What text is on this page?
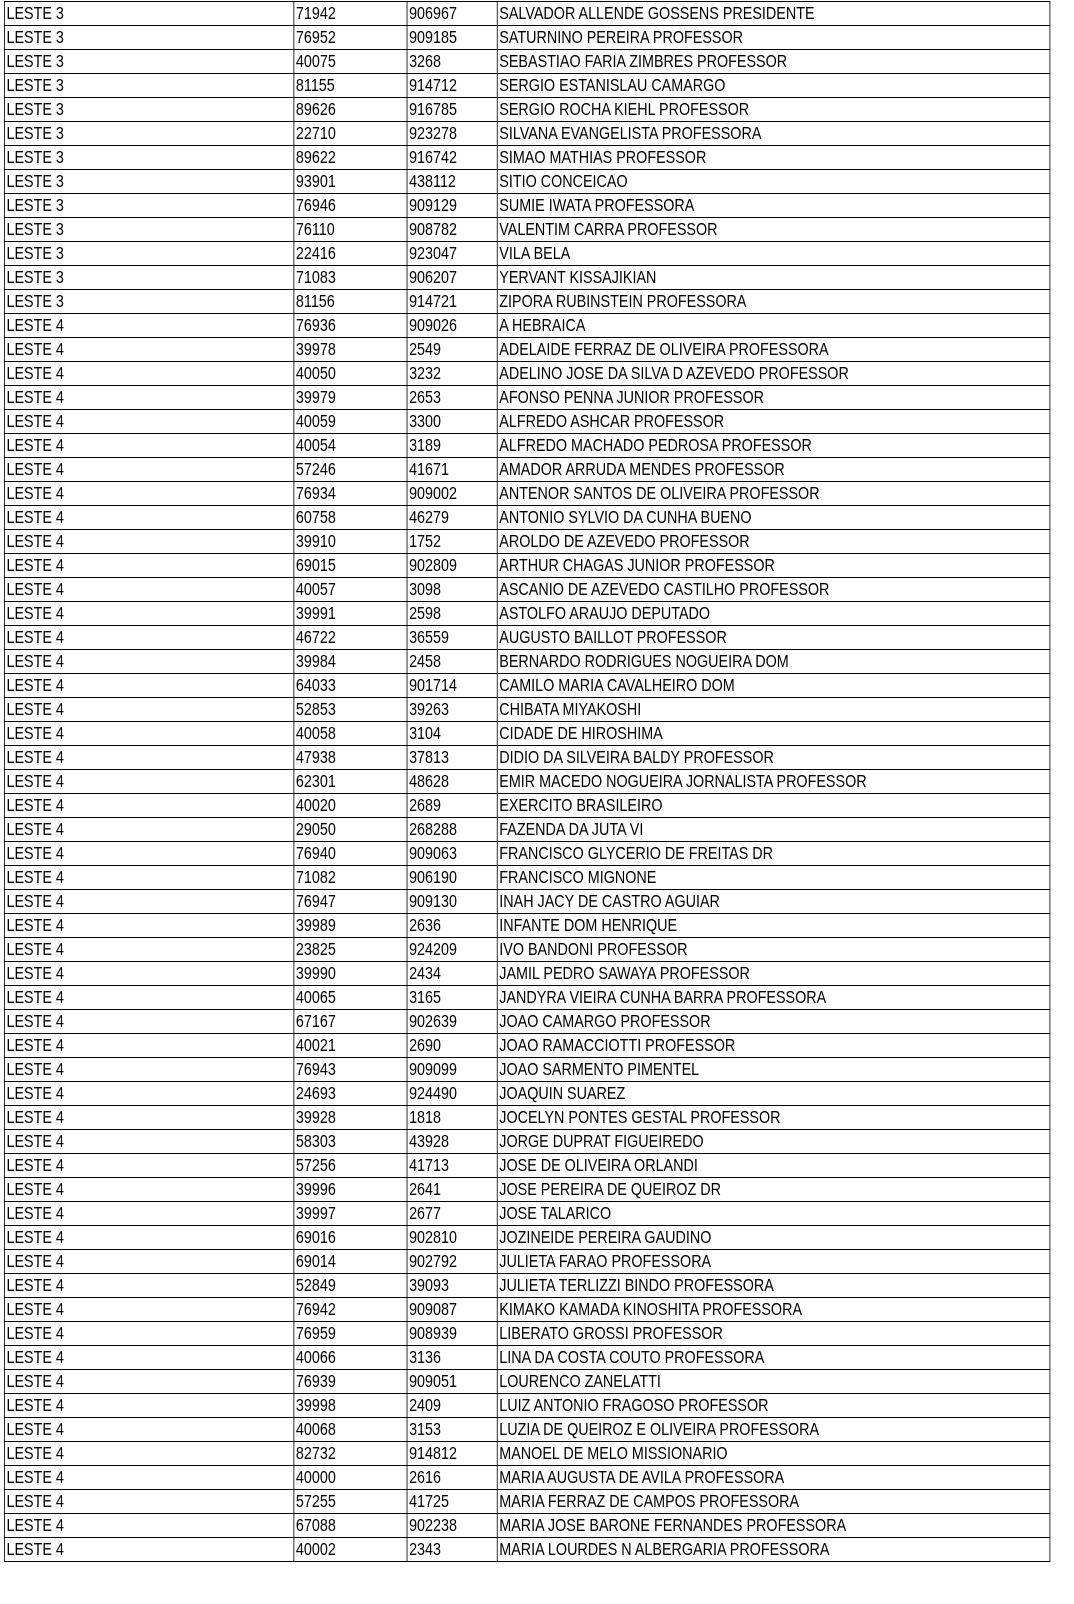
LESTE 3	71942	906967	SALVADOR ALLENDE GOSSENS PRESIDENTE
LESTE 3	76952	909185	SATURNINO PEREIRA PROFESSOR
LESTE 3	40075	3268	SEBASTIAO FARIA ZIMBRES PROFESSOR
LESTE 3	81155	914712	SERGIO ESTANISLAU CAMARGO
LESTE 3	89626	916785	SERGIO ROCHA KIEHL PROFESSOR
LESTE 3	22710	923278	SILVANA EVANGELISTA PROFESSORA
LESTE 3	89622	916742	SIMAO MATHIAS PROFESSOR
LESTE 3	93901	438112	SITIO CONCEICAO
LESTE 3	76946	909129	SUMIE IWATA PROFESSORA
LESTE 3	76110	908782	VALENTIM CARRA PROFESSOR
LESTE 3	22416	923047	VILA BELA
LESTE 3	71083	906207	YERVANT KISSAJIKIAN
LESTE 3	81156	914721	ZIPORA RUBINSTEIN PROFESSORA
LESTE 4	76936	909026	A HEBRAICA
LESTE 4	39978	2549	ADELAIDE FERRAZ DE OLIVEIRA PROFESSORA
LESTE 4	40050	3232	ADELINO JOSE DA SILVA D AZEVEDO PROFESSOR
LESTE 4	39979	2653	AFONSO PENNA JUNIOR PROFESSOR
LESTE 4	40059	3300	ALFREDO ASHCAR PROFESSOR
LESTE 4	40054	3189	ALFREDO MACHADO PEDROSA PROFESSOR
LESTE 4	57246	41671	AMADOR ARRUDA MENDES PROFESSOR
LESTE 4	76934	909002	ANTENOR SANTOS DE OLIVEIRA PROFESSOR
LESTE 4	60758	46279	ANTONIO SYLVIO DA CUNHA BUENO
LESTE 4	39910	1752	AROLDO DE AZEVEDO PROFESSOR
LESTE 4	69015	902809	ARTHUR CHAGAS JUNIOR PROFESSOR
LESTE 4	40057	3098	ASCANIO DE AZEVEDO CASTILHO PROFESSOR
LESTE 4	39991	2598	ASTOLFO ARAUJO DEPUTADO
LESTE 4	46722	36559	AUGUSTO BAILLOT PROFESSOR
LESTE 4	39984	2458	BERNARDO RODRIGUES NOGUEIRA DOM
LESTE 4	64033	901714	CAMILO MARIA CAVALHEIRO DOM
LESTE 4	52853	39263	CHIBATA MIYAKOSHI
LESTE 4	40058	3104	CIDADE DE HIROSHIMA
LESTE 4	47938	37813	DIDIO DA SILVEIRA BALDY PROFESSOR
LESTE 4	62301	48628	EMIR MACEDO NOGUEIRA JORNALISTA PROFESSOR
LESTE 4	40020	2689	EXERCITO BRASILEIRO
LESTE 4	29050	268288	FAZENDA DA JUTA VI
LESTE 4	76940	909063	FRANCISCO GLYCERIO DE FREITAS DR
LESTE 4	71082	906190	FRANCISCO MIGNONE
LESTE 4	76947	909130	INAH JACY DE CASTRO AGUIAR
LESTE 4	39989	2636	INFANTE DOM HENRIQUE
LESTE 4	23825	924209	IVO BANDONI PROFESSOR
LESTE 4	39990	2434	JAMIL PEDRO SAWAYA PROFESSOR
LESTE 4	40065	3165	JANDYRA VIEIRA CUNHA BARRA PROFESSORA
LESTE 4	67167	902639	JOAO CAMARGO PROFESSOR
LESTE 4	40021	2690	JOAO RAMACCIOTTI PROFESSOR
LESTE 4	76943	909099	JOAO SARMENTO PIMENTEL
LESTE 4	24693	924490	JOAQUIN SUAREZ
LESTE 4	39928	1818	JOCELYN PONTES GESTAL PROFESSOR
LESTE 4	58303	43928	JORGE DUPRAT FIGUEIREDO
LESTE 4	57256	41713	JOSE DE OLIVEIRA ORLANDI
LESTE 4	39996	2641	JOSE PEREIRA DE QUEIROZ DR
LESTE 4	39997	2677	JOSE TALARICO
LESTE 4	69016	902810	JOZINEIDE PEREIRA GAUDINO
LESTE 4	69014	902792	JULIETA FARAO PROFESSORA
LESTE 4	52849	39093	JULIETA TERLIZZI BINDO PROFESSORA
LESTE 4	76942	909087	KIMAKO KAMADA KINOSHITA PROFESSORA
LESTE 4	76959	908939	LIBERATO GROSSI PROFESSOR
LESTE 4	40066	3136	LINA DA COSTA COUTO PROFESSORA
LESTE 4	76939	909051	LOURENCO ZANELATTI
LESTE 4	39998	2409	LUIZ ANTONIO FRAGOSO PROFESSOR
LESTE 4	40068	3153	LUZIA DE QUEIROZ E OLIVEIRA PROFESSORA
LESTE 4	82732	914812	MANOEL DE MELO MISSIONARIO
LESTE 4	40000	2616	MARIA AUGUSTA DE AVILA PROFESSORA
LESTE 4	57255	41725	MARIA FERRAZ DE CAMPOS PROFESSORA
LESTE 4	67088	902238	MARIA JOSE BARONE FERNANDES PROFESSORA
LESTE 4	40002	2343	MARIA LOURDES N ALBERGARIA PROFESSORA
